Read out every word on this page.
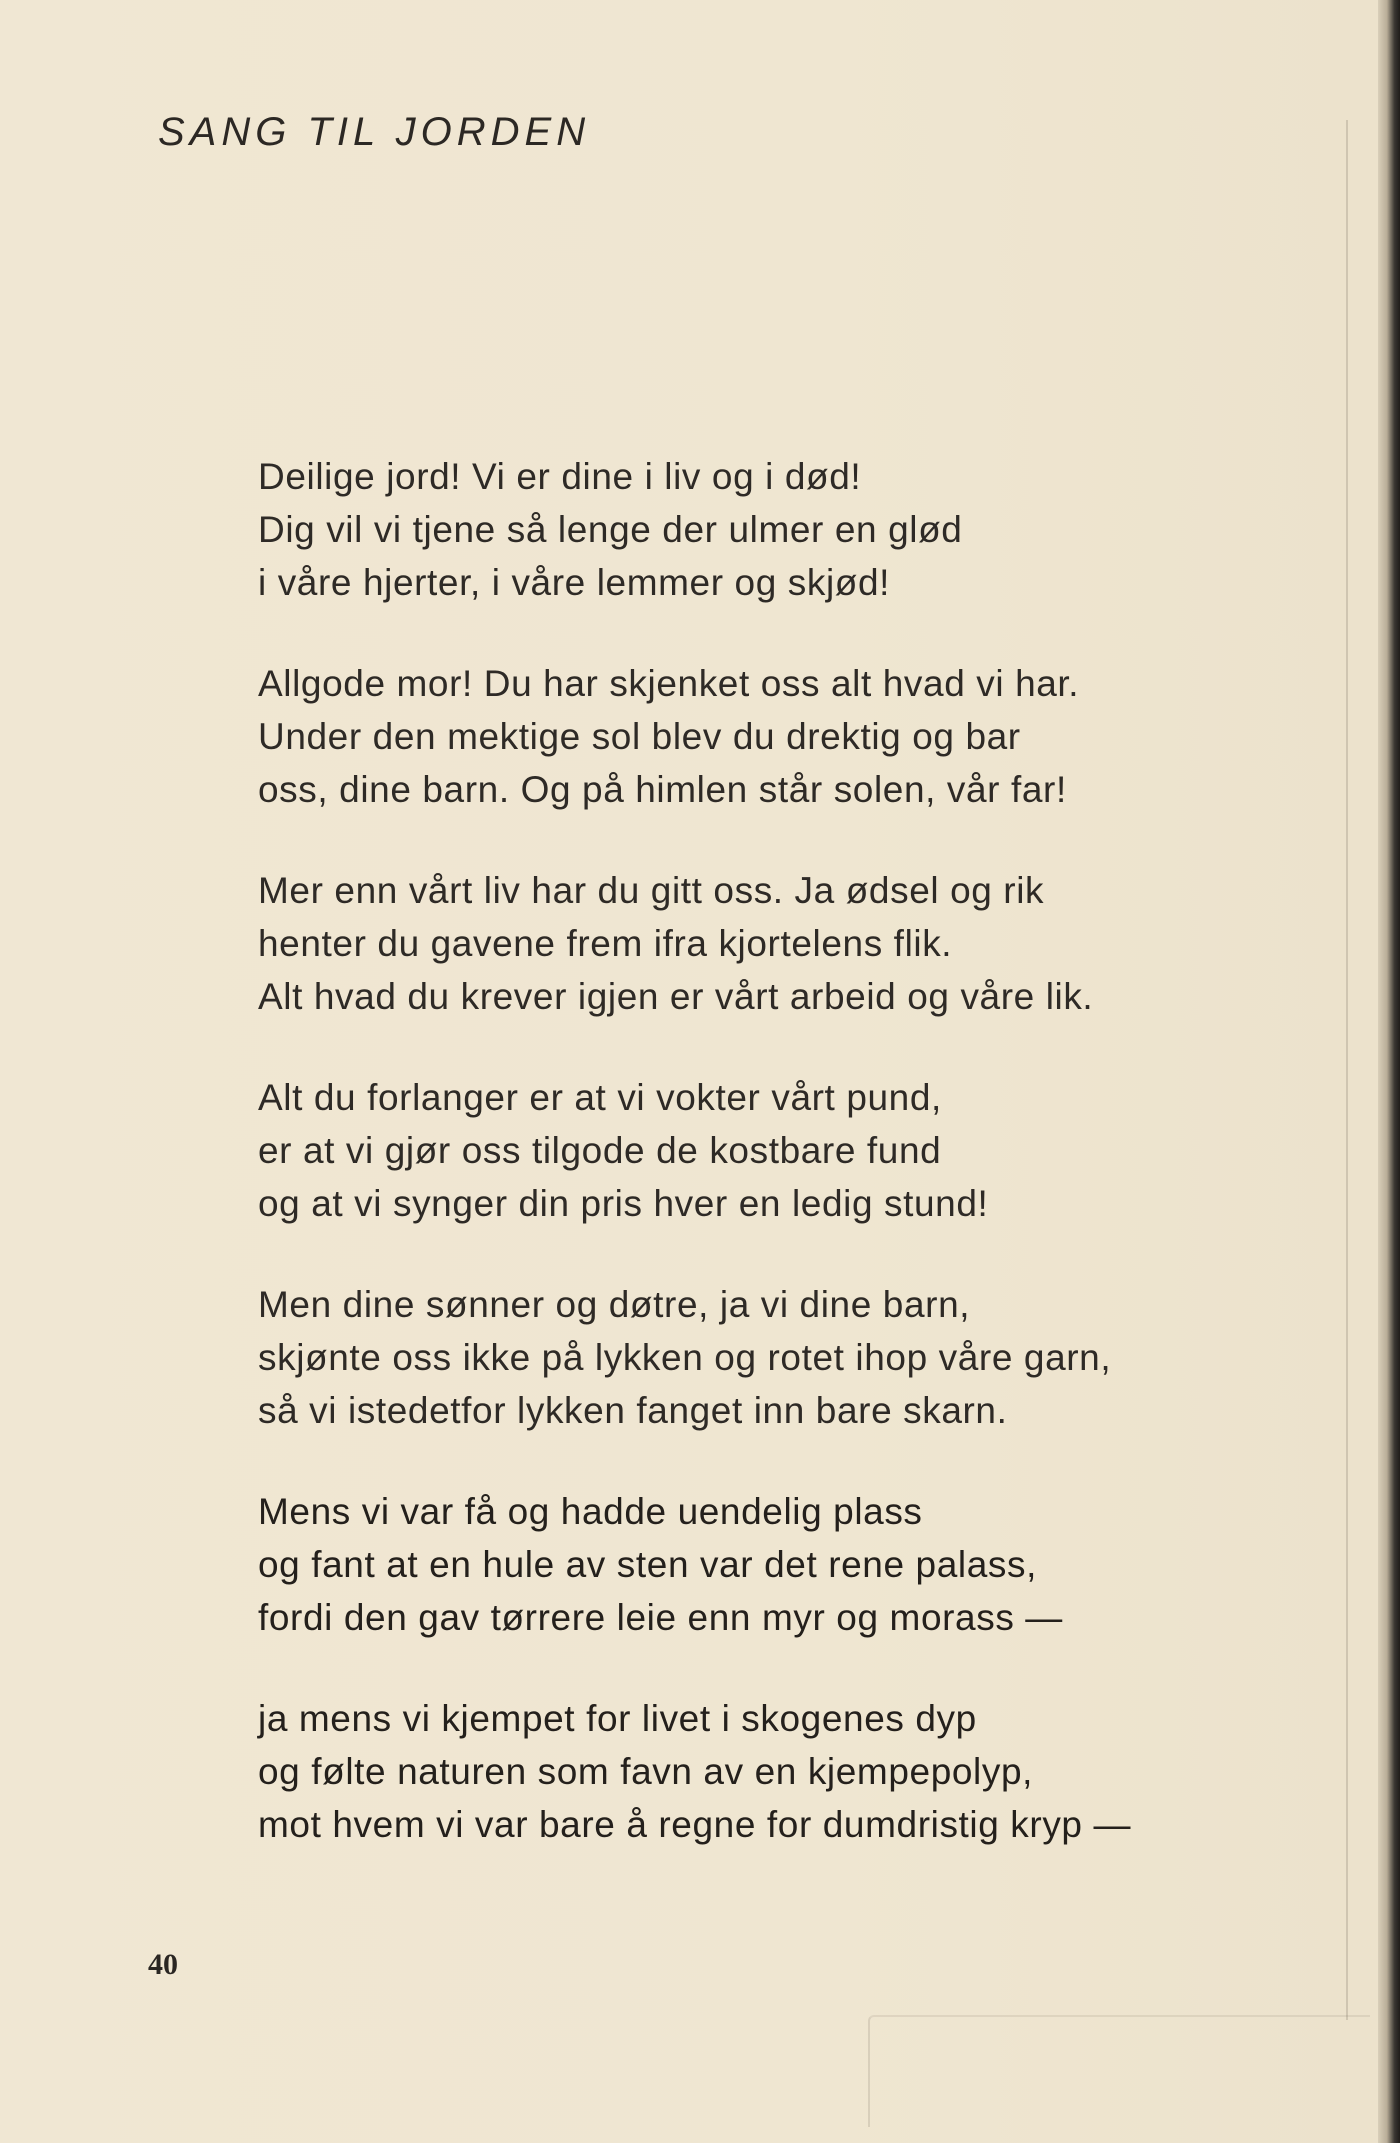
SANG TIL JORDEN
Deilige jord! Vi er dine i liv og i død!
Dig vil vi tjene så lenge der ulmer en glød
i våre hjerter, i våre lemmer og skjød!
Allgode mor! Du har skjenket oss alt hvad vi har.
Under den mektige sol blev du drektig og bar
oss, dine barn. Og på himlen står solen, vår far!
Mer enn vårt liv har du gitt oss. Ja ødsel og rik
henter du gavene frem ifra kjortelens flik.
Alt hvad du krever igjen er vårt arbeid og våre lik.
Alt du forlanger er at vi vokter vårt pund,
er at vi gjør oss tilgode de kostbare fund
og at vi synger din pris hver en ledig stund!
Men dine sønner og døtre, ja vi dine barn,
skjønte oss ikke på lykken og rotet ihop våre garn,
så vi istedetfor lykken fanget inn bare skarn.
Mens vi var få og hadde uendelig plass
og fant at en hule av sten var det rene palass,
fordi den gav tørrere leie enn myr og morass —
ja mens vi kjempet for livet i skogenes dyp
og følte naturen som favn av en kjempepolyp,
mot hvem vi var bare å regne for dumdristig kryp —
40
